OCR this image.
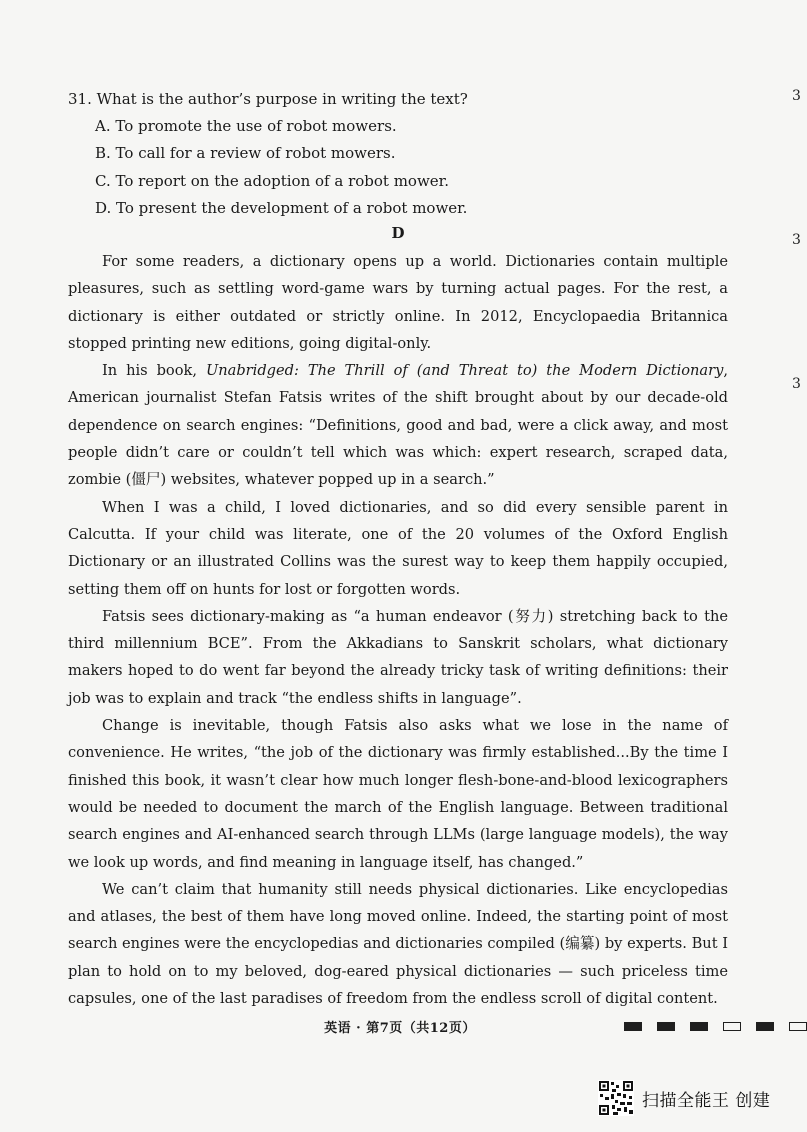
31. What is the author’s purpose in writing the text?
A. To promote the use of robot mowers.
B. To call for a review of robot mowers.
C. To report on the adoption of a robot mower.
D. To present the development of a robot mower.
D

For some readers, a dictionary opens up a world. Dictionaries contain multiple pleasures, such as settling word-game wars by turning actual pages. For the rest, a dictionary is either outdated or strictly online. In 2012, Encyclopaedia Britannica stopped printing new editions, going digital-only.

In his book, Unabridged: The Thrill of (and Threat to) the Modern Dictionary, American journalist Stefan Fatsis writes of the shift brought about by our decade-old dependence on search engines: “Definitions, good and bad, were a click away, and most people didn’t care or couldn’t tell which was which: expert research, scraped data, zombie (僵尸) websites, whatever popped up in a search.”

When I was a child, I loved dictionaries, and so did every sensible parent in Calcutta. If your child was literate, one of the 20 volumes of the Oxford English Dictionary or an illustrated Collins was the surest way to keep them happily occupied, setting them off on hunts for lost or forgotten words.

Fatsis sees dictionary-making as “a human endeavor (努力) stretching back to the third millennium BCE”. From the Akkadians to Sanskrit scholars, what dictionary makers hoped to do went far beyond the already tricky task of writing definitions: their job was to explain and track “the endless shifts in language”.

Change is inevitable, though Fatsis also asks what we lose in the name of convenience. He writes, “the job of the dictionary was firmly established...By the time I finished this book, it wasn’t clear how much longer flesh-bone-and-blood lexicographers would be needed to document the march of the English language. Between traditional search engines and AI-enhanced search through LLMs (large language models), the way we look up words, and find meaning in language itself, has changed.”

We can’t claim that humanity still needs physical dictionaries. Like encyclopedias and atlases, the best of them have long moved online. Indeed, the starting point of most search engines were the encyclopedias and dictionaries compiled (编纂) by experts. But I plan to hold on to my beloved, dog-eared physical dictionaries — such priceless time capsules, one of the last paradises of freedom from the endless scroll of digital content.

英语 · 第7页（共12页）
3
3
3
扫描全能王 创建
